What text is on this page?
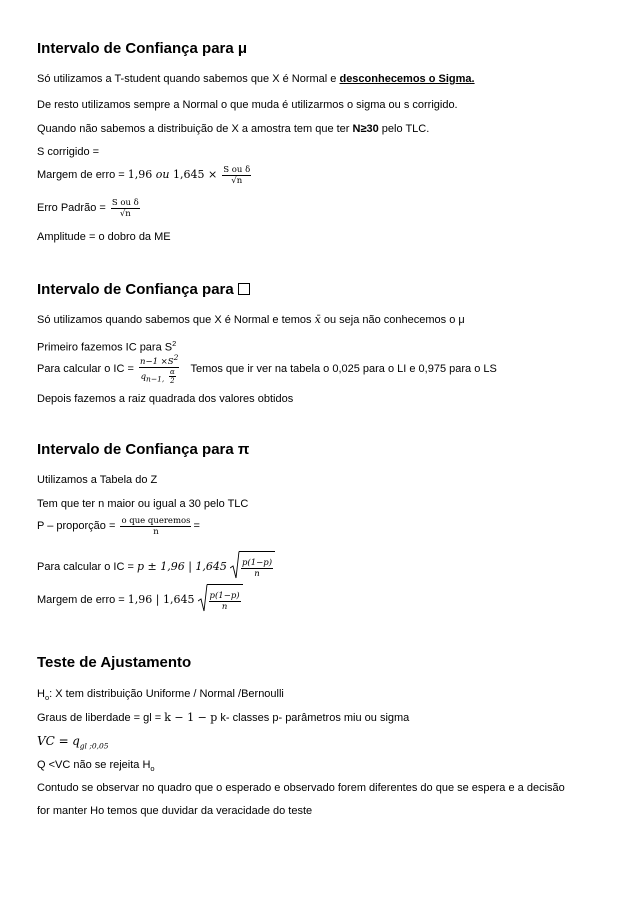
Intervalo de Confiança para μ
Só utilizamos a T-student quando sabemos que X é Normal e desconhecemos o Sigma.
De resto utilizamos sempre a Normal o que muda é utilizarmos o sigma ou s corrigido.
Quando não sabemos a distribuição de X a amostra tem que ter N≥30 pelo TLC.
S corrigido =
Margem de erro = 1,96 ou $1,645 \times \frac{\text{S ou δ}}{√n}$
Erro Padrão = $\frac{\text{S ou δ}}{√n}$
Amplitude = o dobro da ME
Intervalo de Confiança para
Só utilizamos quando sabemos que X é Normal e temos x̄ ou seja não conhecemos o μ
Primeiro fazemos IC para $S^2$
Para calcular o IC = $\frac{n-1 \times S^2}{q_{n-1,} \frac{\alpha}{2}}$ Temos que ir ver na tabela o 0,025 para o LI e 0,975 para o LS
Depois fazemos a raiz quadrada dos valores obtidos
Intervalo de Confiança para π
Utilizamos a Tabela do Z
Tem que ter n maior ou igual a 30 pelo TLC
P – proporção = $\frac{\text{o que queremos}}{n}$ =
Para calcular o IC = p ± 1,96 | $1,645 \frac{p(1-p)}{n}$
Margem de erro = 1,96 | $1,645 \frac{p(1-p)}{n}$
Teste de Ajustamento
$H_o$: X tem distribuição Uniforme / Normal /Bernoulli
Graus de liberdade = gl = k − 1 − p k- classes p- parâmetros miu ou sigma
VC = $q_{gl ;0,05}$
Q <VC não se rejeita $H_o$
Contudo se observar no quadro que o esperado e observado forem diferentes do que se espera e a decisão
for manter Ho temos que duvidar da veracidade do teste
